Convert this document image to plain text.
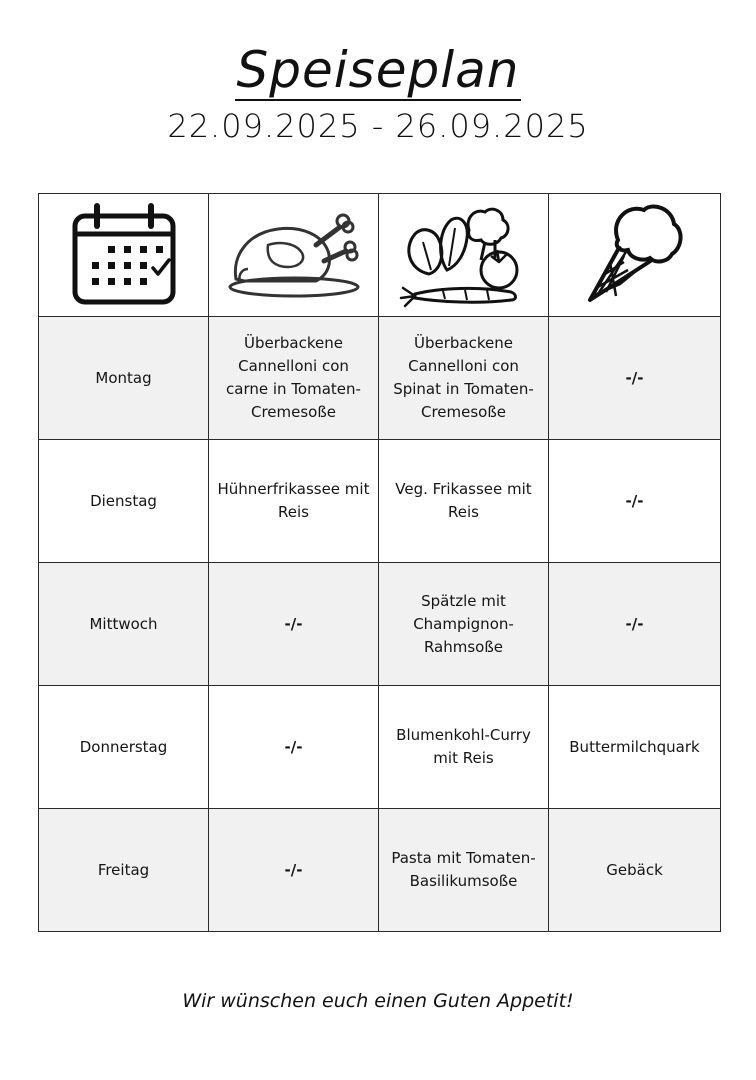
Speiseplan
22.09.2025 - 26.09.2025

Montag	Überbackene Cannelloni con carne in Tomaten-Cremesoße	Überbackene Cannelloni con Spinat in Tomaten-Cremesoße	-/-
Dienstag	Hühnerfrikassee mit Reis	Veg. Frikassee mit Reis	-/-
Mittwoch	-/-	Spätzle mit Champignon-Rahmsoße	-/-
Donnerstag	-/-	Blumenkohl-Curry mit Reis	Buttermilchquark
Freitag	-/-	Pasta mit Tomaten-Basilikumsoße	Gebäck
Wir wünschen euch einen Guten Appetit!
